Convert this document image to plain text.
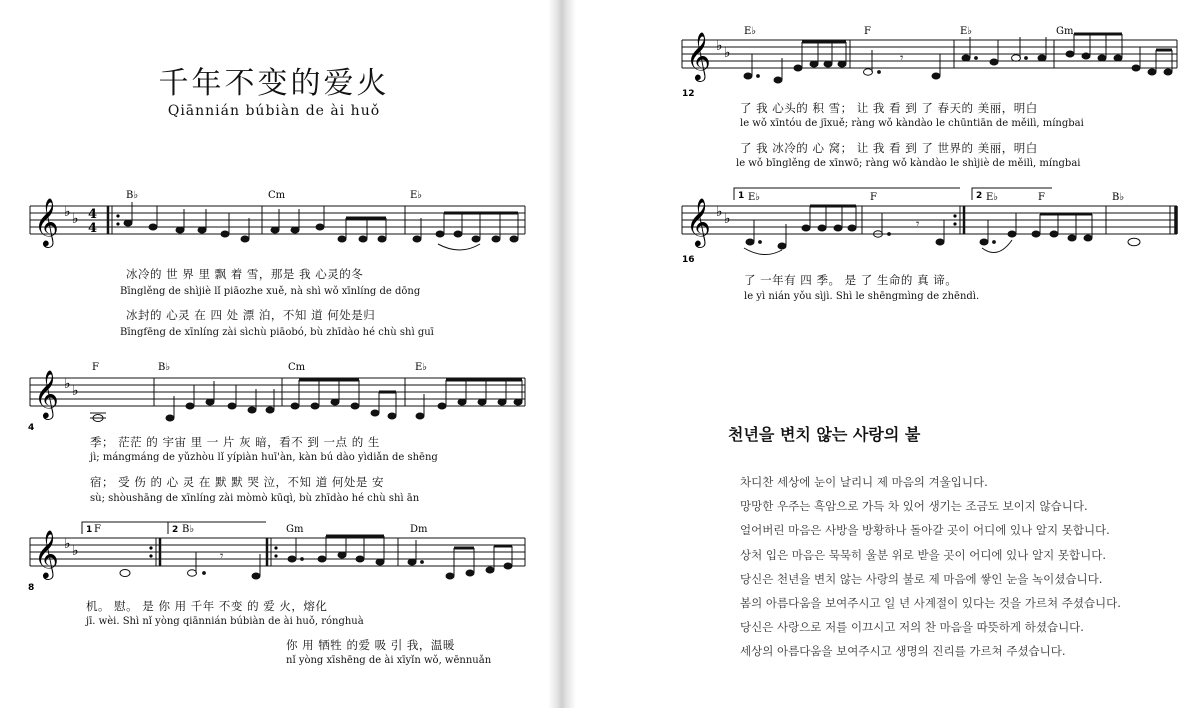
千年不变的爱火
Qiānnián búbiàn de ài huǒ
𝄞 ♭ ♭ 4
4
B♭	Cm	E♭
冰冷的 世 界 里 飘 着 雪，那是 我 心灵的冬
Bīnglěng de shìjiè lǐ piāozhe xuě, nà shì wǒ xīnlíng de dōng
冰封的 心灵 在 四 处 漂 泊，不知 道 何处是归
Bīngfēng de xīnlíng zài sìchù piāobó, bù zhīdào hé chù shì guī
𝄞 ♭ ♭
4
F	B♭	Cm	E♭
季； 茫茫 的 宇宙 里 一 片 灰 暗，看不 到 一点 的 生
jì; mángmáng de yǔzhòu lǐ yípiàn huī'àn, kàn bú dào yìdiǎn de shēng
宿； 受 伤 的 心 灵 在 默 默 哭 泣，不知 道 何处是 安
sù; shòushāng de xīnlíng zài mòmò kūqì, bù zhīdào hé chù shì ān
𝄞 ♭ ♭
8
1	2
𝄾
F	B♭	Gm	Dm
机。 慰。 是 你 用 千年 不变 的 爱 火，熔化
jī. wèi. Shì nǐ yòng qiānnián búbiàn de ài huǒ, rónghuà
你 用 牺牲 的爱 吸 引 我，温暖
nǐ yòng xīshēng de ài xīyǐn wǒ, wēnnuǎn
𝄞 ♭ ♭
12
𝄾
E♭	F	E♭	Gm
了 我 心头的 积 雪； 让 我 看 到 了 春天的 美丽，明白
le wǒ xīntóu de jīxuě; ràng wǒ kàndào le chūntiān de měilì, míngbai
了 我 冰冷的 心 窝； 让 我 看 到 了 世界的 美丽，明白
le wǒ bīnglěng de xīnwō; ràng wǒ kàndào le shìjiè de měilì, míngbai
𝄞 ♭ ♭
16
1	2
𝄾
E♭	F	E♭	F	B♭
了 一年有 四 季。 是 了 生命的 真 谛。
le yì nián yǒu sìjì. Shì le shēngmìng de zhēndì.
천년을 변치 않는 사랑의 불
차디찬 세상에 눈이 날리니 제 마음의 겨울입니다.
망망한 우주는 흑암으로 가득 차 있어 생기는 조금도 보이지 않습니다.
얼어버린 마음은 사방을 방황하나 돌아갈 곳이 어디에 있나 알지 못합니다.
상처 입은 마음은 묵묵히 울분 위로 받을 곳이 어디에 있나 알지 못합니다.
당신은 천년을 변치 않는 사랑의 불로 제 마음에 쌓인 눈을 녹이셨습니다.
봄의 아름다움을 보여주시고 일 년 사계절이 있다는 것을 가르쳐 주셨습니다.
당신은 사랑으로 저를 이끄시고 저의 찬 마음을 따뜻하게 하셨습니다.
세상의 아름다움을 보여주시고 생명의 진리를 가르쳐 주셨습니다.
